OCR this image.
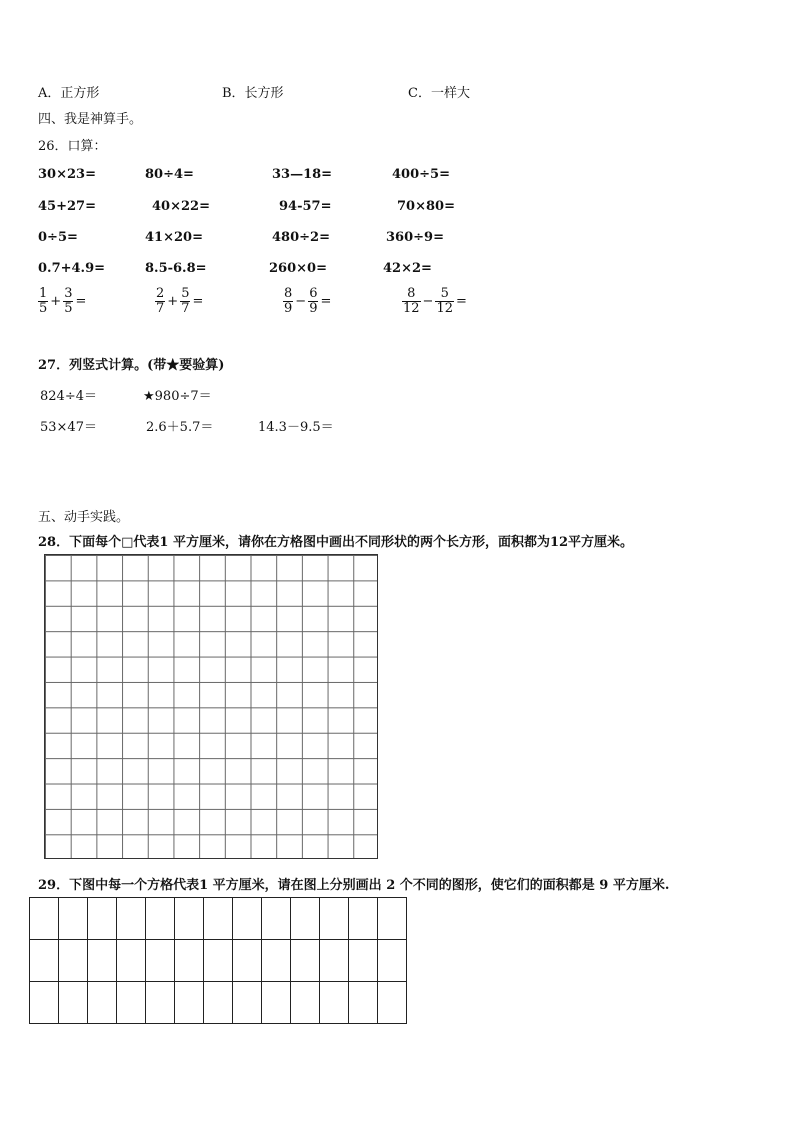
A．正方形	B．长方形	C．一样大
四、我是神算手。
26．口算：
30×23=	80÷4=	33—18=	400÷5=
45+27=	40×22=	94-57=	70×80=
0÷5=	41×20=	480÷2=	360÷9=
0.7+4.9=	8.5-6.8=	260×0=	42×2=
$\frac{1}{5} + \frac{3}{5}$ =	$\frac{2}{7} + \frac{5}{7}$ =	$\frac{8}{9} - \frac{6}{9}$ =	$\frac{8}{12} - \frac{5}{12}$ =
27．列竖式计算。(带★要验算)
824÷4＝	★980÷7＝
53×47＝	2.6＋5.7＝	14.3－9.5＝
五、动手实践。
28．下面每个□代表1 平方厘米，请你在方格图中画出不同形状的两个长方形，面积都为12平方厘米。
29．下图中每一个方格代表1 平方厘米，请在图上分别画出 2 个不同的图形，使它们的面积都是 9 平方厘米.
